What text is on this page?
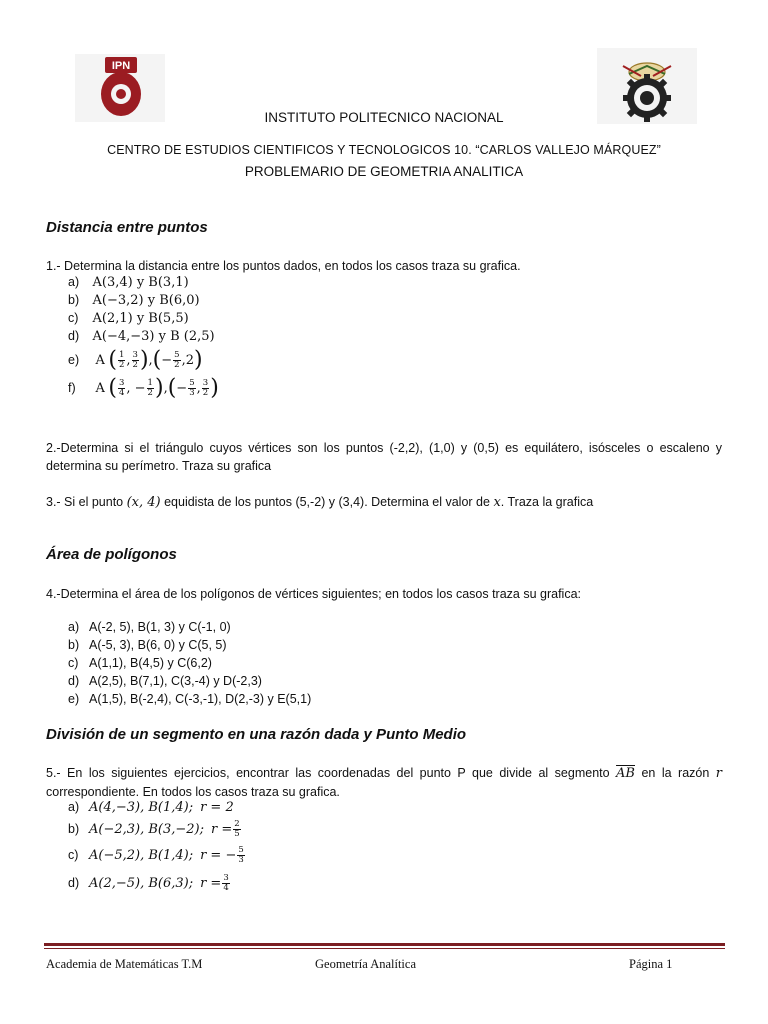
IPN
INSTITUTO POLITECNICO NACIONAL
CENTRO DE ESTUDIOS CIENTIFICOS Y TECNOLOGICOS 10. “CARLOS VALLEJO MÁRQUEZ”
PROBLEMARIO DE GEOMETRIA ANALITICA
Distancia entre puntos
1.- Determina la distancia entre los puntos dados, en todos los casos traza su grafica.
a) A(3,4) y B(3,1)
b) A(−3,2) y B(6,0)
c) A(2,1) y B(5,5)
d) A(−4,−3) y B (2,5)
e) A ( $\frac{1}{2}$ , $\frac{3}{2}$ ),(− $\frac{5}{2} ,2$)
f) A ( $\frac{3}{4}$ , − $\frac{1}{2}$ ),(− $\frac{5}{3}$ , $\frac{3}{2}$ )
2.-Determina si el triángulo cuyos vértices son los puntos (-2,2), (1,0) y (0,5) es equilátero, isósceles o escaleno y determina su perímetro. Traza su grafica
3.- Si el punto (x, 4) equidista de los puntos (5,-2) y (3,4). Determina el valor de x. Traza la grafica
Área de polígonos
4.-Determina el área de los polígonos de vértices siguientes; en todos los casos traza su grafica:
a) A(-2, 5), B(1, 3) y C(-1, 0)
b) A(-5, 3), B(6, 0) y C(5, 5)
c) A(1,1), B(4,5) y C(6,2)
d) A(2,5), B(7,1), C(3,-4) y D(-2,3)
e) A(1,5), B(-2,4), C(-3,-1), D(2,-3) y E(5,1)
División de un segmento en una razón dada y Punto Medio
5.- En los siguientes ejercicios, encontrar las coordenadas del punto P que divide al segmento $\overline{AB}$ en la razón r correspondiente. En todos los casos traza su grafica.
a) A(4,−3), B(1,4); r = 2
b) A(−2,3), B(3,−2); $r = \frac{2}{5}$
c) A(−5,2), B(1,4); r = − $\frac{5}{3}$
d) A(2,−5), B(6,3); $r = \frac{3}{4}$
Academia de Matemáticas T.M	Geometría Analítica	Página 1
